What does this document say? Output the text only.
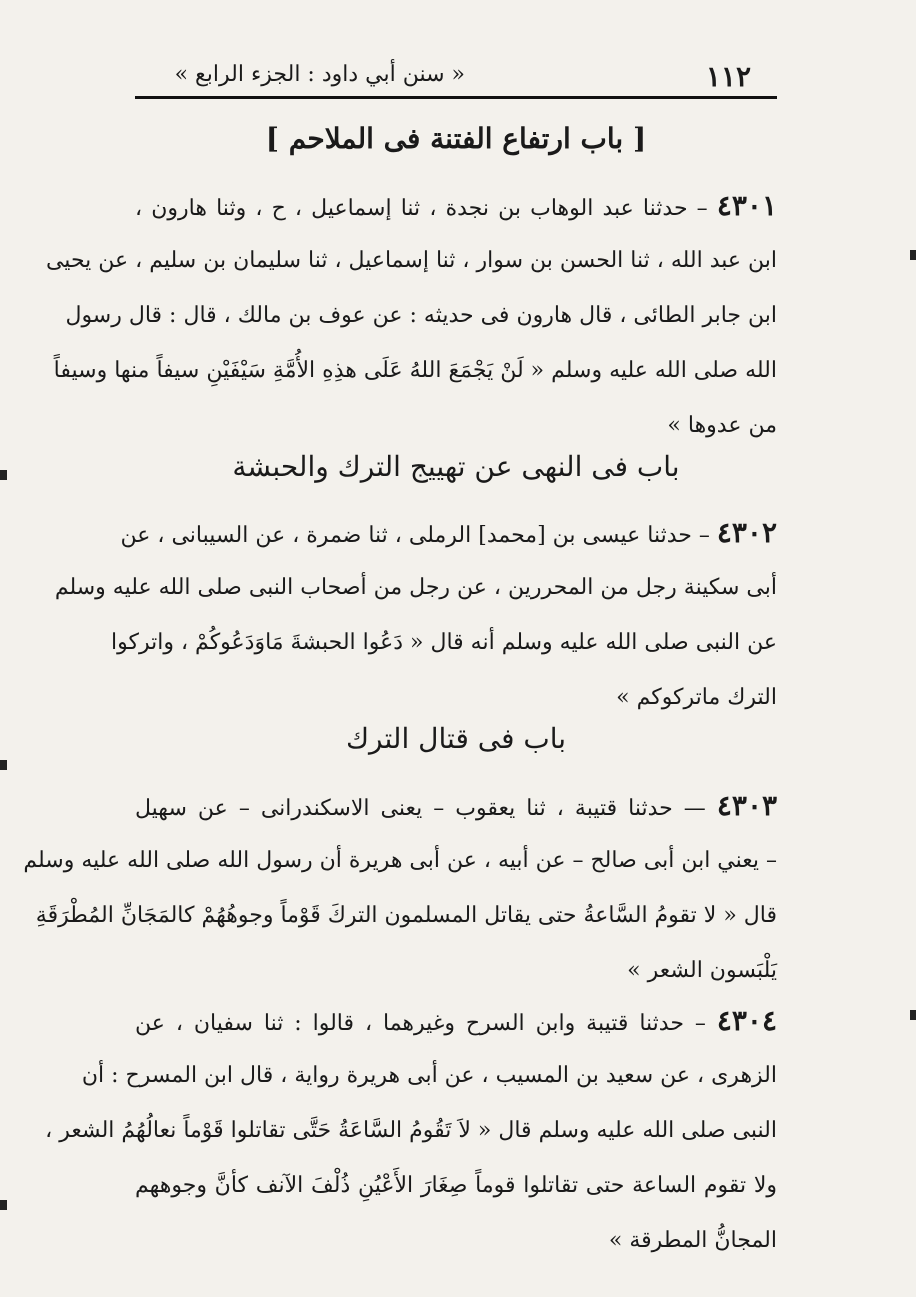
١١٢
« سنن أبي داود : الجزء الرابع »
[ باب ارتفاع الفتنة فى الملاحم ]
٤٣٠١ – حدثنا عبد الوهاب بن نجدة ، ثنا إسماعيل ، ح ، وثنا هارون ،
ابن عبد الله ، ثنا الحسن بن سوار ، ثنا إسماعيل ، ثنا سليمان بن سليم ، عن يحيى
ابن جابر الطائى ، قال هارون فى حديثه : عن عوف بن مالك ، قال : قال رسول
الله صلى الله عليه وسلم « لَنْ يَجْمَعَ اللهُ عَلَى هذِهِ الأُمَّةِ سَيْفَيْنِ سيفاً منها وسيفاً
من عدوها »
باب فى النهى عن تهييج الترك والحبشة
٤٣٠٢ – حدثنا عيسى بن [محمد] الرملى ، ثنا ضمرة ، عن السيبانى ، عن
أبى سكينة رجل من المحررين ، عن رجل من أصحاب النبى صلى الله عليه وسلم
عن النبى صلى الله عليه وسلم أنه قال « دَعُوا الحبشةَ مَاوَدَعُوكُمْ ، واتركوا
الترك ماتركوكم »
باب فى قتال الترك
٤٣٠٣ — حدثنا قتيبة ، ثنا يعقوب – يعنى الاسكندرانى – عن سهيل
– يعني ابن أبى صالح – عن أبيه ، عن أبى هريرة أن رسول الله صلى الله عليه وسلم
قال « لا تقومُ السَّاعةُ حتى يقاتل المسلمون التركَ قَوْماً وجوهُهُمْ كالمَجَانِّ المُطْرَقَةِ
يَلْبَسون الشعر »
٤٣٠٤ – حدثنا قتيبة وابن السرح وغيرهما ، قالوا : ثنا سفيان ، عن
الزهرى ، عن سعيد بن المسيب ، عن أبى هريرة رواية ، قال ابن المسرح : أن
النبى صلى الله عليه وسلم قال « لاَ تَقُومُ السَّاعَةُ حَتَّى تقاتلوا قَوْماً نعالُهُمُ الشعر ،
ولا تقوم الساعة حتى تقاتلوا قوماً صِغَارَ الأَعْيُنِ ذُلْفَ الآنف كأنَّ وجوههم
المجانُّ المطرقة »
